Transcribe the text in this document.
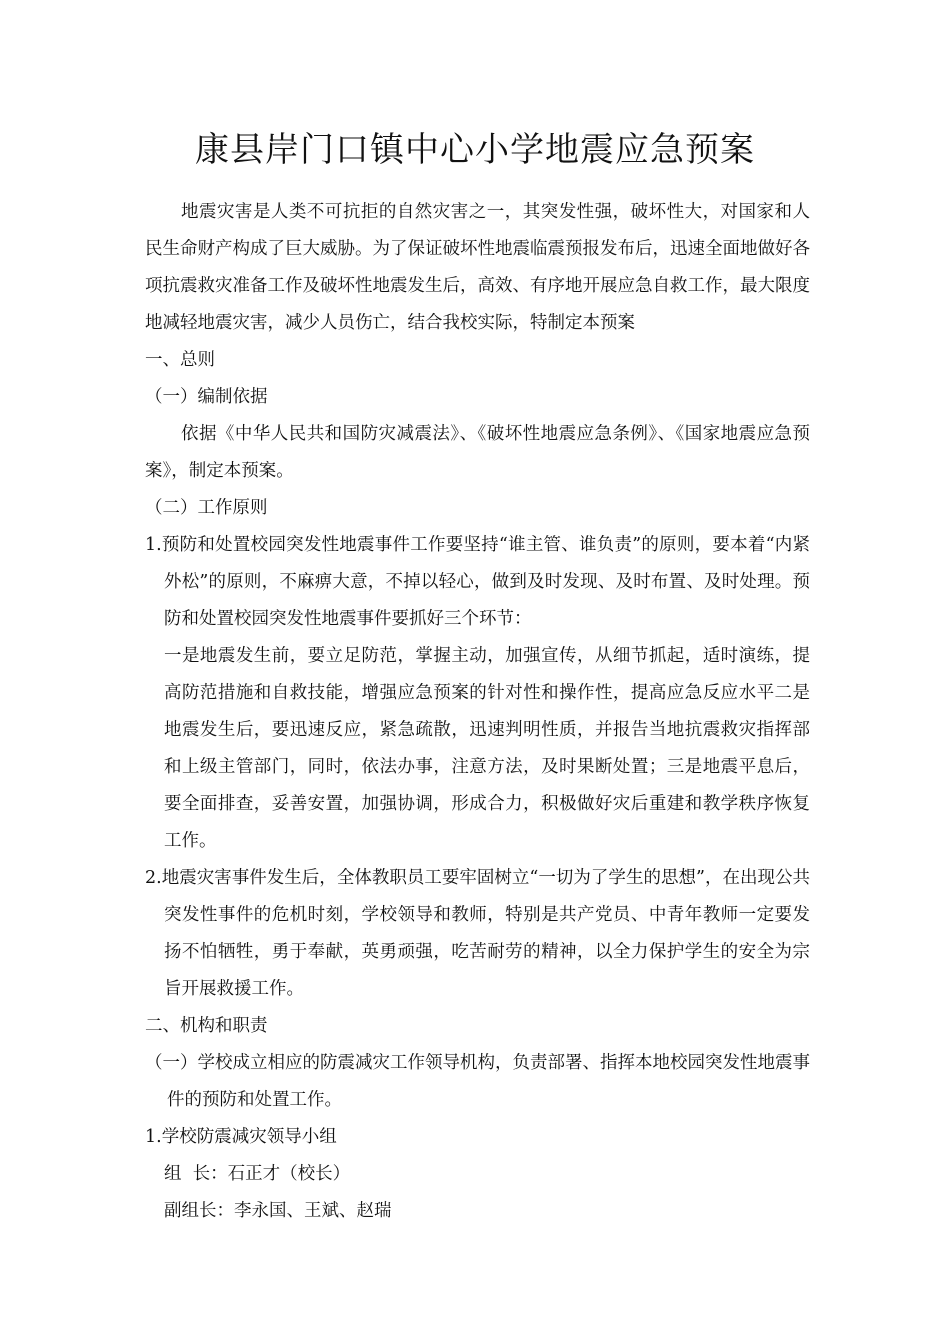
康县岸门口镇中心小学地震应急预案

地震灾害是人类不可抗拒的自然灾害之一，其突发性强，破坏性大，对国家和人民生命财产构成了巨大威胁。为了保证破坏性地震临震预报发布后，迅速全面地做好各项抗震救灾准备工作及破坏性地震发生后，高效、有序地开展应急自救工作，最大限度地减轻地震灾害，减少人员伤亡，结合我校实际，特制定本预案

一、总则

（一）编制依据

依据《中华人民共和国防灾减震法》、《破坏性地震应急条例》、《国家地震应急预案》，制定本预案。

（二）工作原则

1.预防和处置校园突发性地震事件工作要坚持“谁主管、谁负责”的原则，要本着“内紧外松”的原则，不麻痹大意，不掉以轻心，做到及时发现、及时布置、及时处理。预防和处置校园突发性地震事件要抓好三个环节：

一是地震发生前，要立足防范，掌握主动，加强宣传，从细节抓起，适时演练，提高防范措施和自救技能，增强应急预案的针对性和操作性，提高应急反应水平二是地震发生后，要迅速反应，紧急疏散，迅速判明性质，并报告当地抗震救灾指挥部和上级主管部门，同时，依法办事，注意方法，及时果断处置；三是地震平息后，要全面排查，妥善安置，加强协调，形成合力，积极做好灾后重建和教学秩序恢复工作。

2.地震灾害事件发生后，全体教职员工要牢固树立“一切为了学生的思想”，在出现公共突发性事件的危机时刻，学校领导和教师，特别是共产党员、中青年教师一定要发扬不怕牺牲，勇于奉献，英勇顽强，吃苦耐劳的精神，以全力保护学生的安全为宗旨开展救援工作。

二、机构和职责

（一）学校成立相应的防震减灾工作领导机构，负责部署、指挥本地校园突发性地震事件的预防和处置工作。

1.学校防震减灾领导小组

组  长：石正才（校长）

副组长：李永国、王斌、赵瑞
